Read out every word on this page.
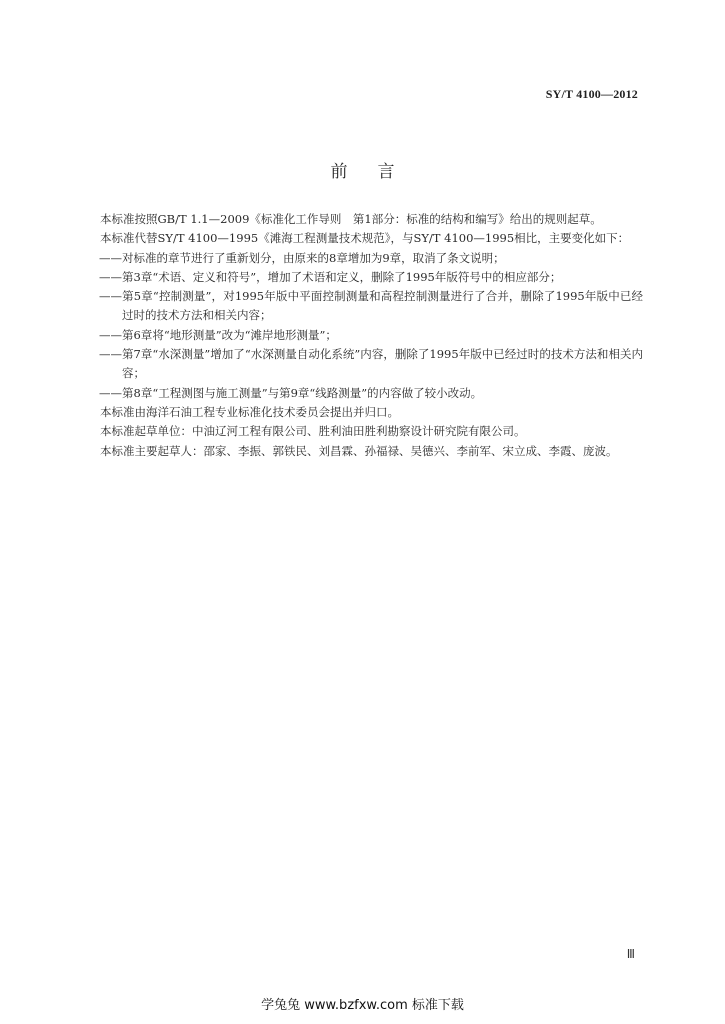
SY/T 4100—2012
前言

本标准按照GB/T 1.1—2009《标准化工作导则　第1部分：标准的结构和编写》给出的规则起草。

本标准代替SY/T 4100—1995《滩海工程测量技术规范》，与SY/T 4100—1995相比，主要变化如下：

——对标准的章节进行了重新划分，由原来的8章增加为9章，取消了条文说明；

——第3章“术语、定义和符号”，增加了术语和定义，删除了1995年版符号中的相应部分；

——第5章“控制测量”，对1995年版中平面控制测量和高程控制测量进行了合并，删除了1995年版中已经过时的技术方法和相关内容；

——第6章将“地形测量”改为“滩岸地形测量”；

——第7章“水深测量”增加了“水深测量自动化系统”内容，删除了1995年版中已经过时的技术方法和相关内容；

——第8章“工程测图与施工测量”与第9章“线路测量”的内容做了较小改动。

本标准由海洋石油工程专业标准化技术委员会提出并归口。

本标准起草单位：中油辽河工程有限公司、胜利油田胜利勘察设计研究院有限公司。

本标准主要起草人：邵家、李振、郭铁民、刘昌霖、孙福禄、吴德兴、李前军、宋立成、李霞、庞波。

Ⅲ
学兔兔 www.bzfxw.com 标准下载
